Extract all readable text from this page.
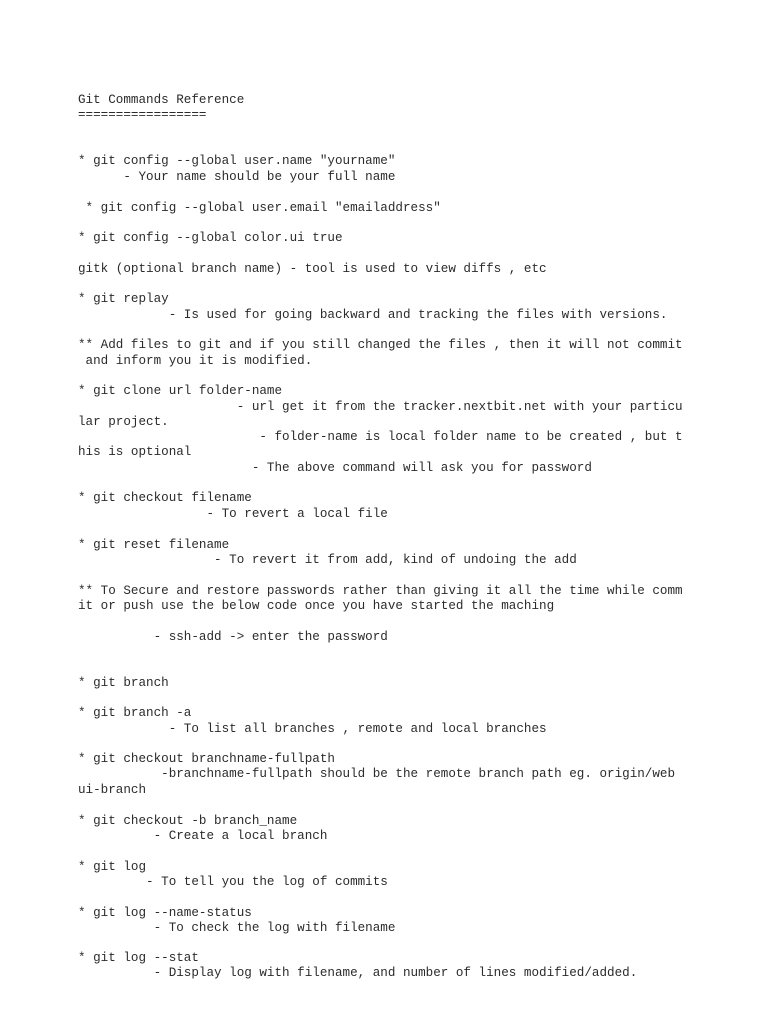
Git Commands Reference
=================
* git config --global user.name "yourname"
- Your name should be your full name
* git config --global user.email "emailaddress"
* git config --global color.ui true
gitk (optional branch name) - tool is used to view diffs , etc
* git replay
- Is used for going backward and tracking the files with versions.
** Add files to git and if you still changed the files , then it will not commit
and inform you it is modified.
* git clone url folder-name
- url get it from the tracker.nextbit.net with your particu
lar project.
- folder-name is local folder name to be created , but t
his is optional
- The above command will ask you for password
* git checkout filename
- To revert a local file
* git reset filename
- To revert it from add, kind of undoing the add
** To Secure and restore passwords rather than giving it all the time while comm
it or push use the below code once you have started the maching
- ssh-add -> enter the password
* git branch
* git branch -a
- To list all branches , remote and local branches
* git checkout branchname-fullpath
-branchname-fullpath should be the remote branch path eg. origin/web
ui-branch
* git checkout -b branch_name
- Create a local branch
* git log
- To tell you the log of commits
* git log --name-status
- To check the log with filename
* git log --stat
- Display log with filename, and number of lines modified/added.
